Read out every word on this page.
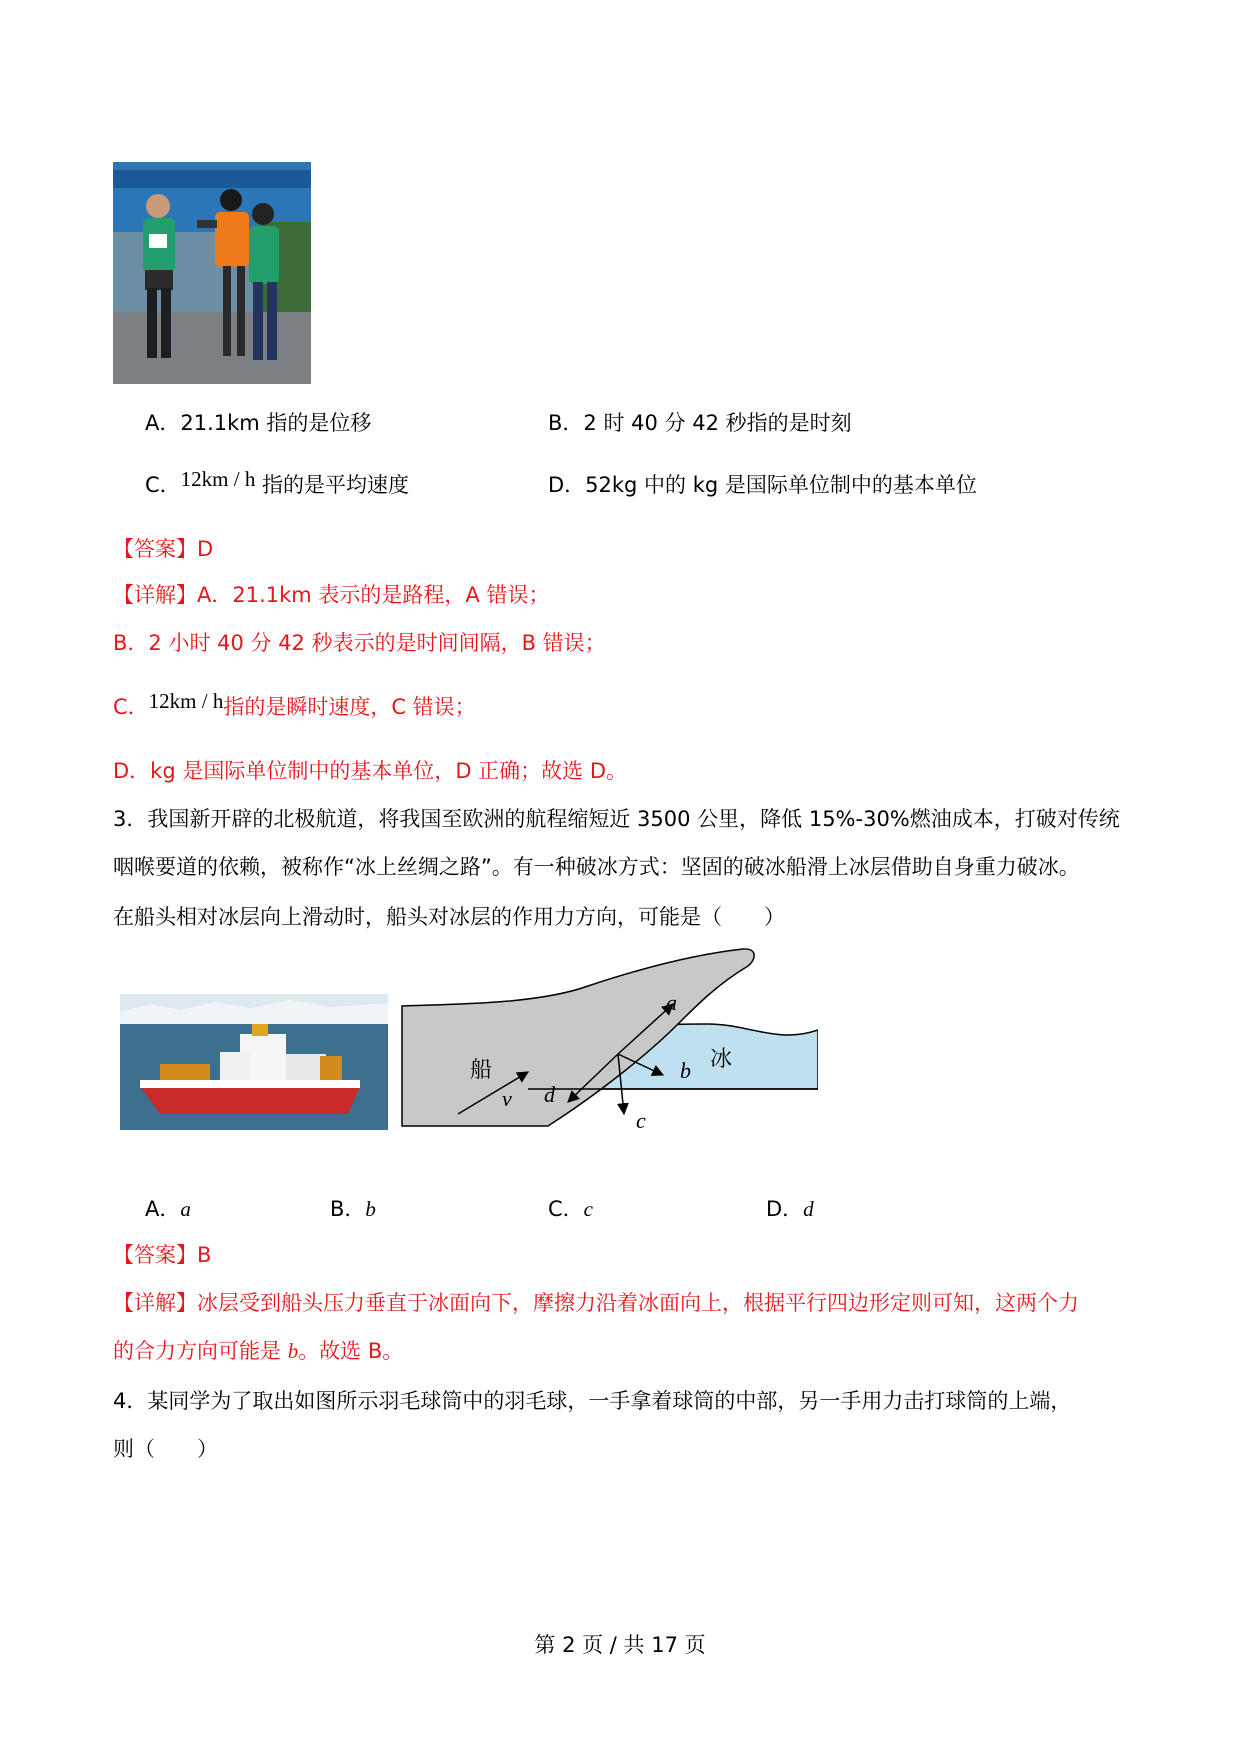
A．21.1km 指的是位移	B．2 时 40 分 42 秒指的是时刻
C．12km / h 指的是平均速度	D．52kg 中的 kg 是国际单位制中的基本单位
【答案】D
【详解】A．21.1km 表示的是路程，A 错误；
B．2 小时 40 分 42 秒表示的是时间间隔，B 错误；
C．12km / h指的是瞬时速度，C 错误；
D．kg 是国际单位制中的基本单位，D 正确；故选 D。
3．我国新开辟的北极航道，将我国至欧洲的航程缩短近 3500 公里，降低 15%-30%燃油成本，打破对传统
咽喉要道的依赖，被称作“冰上丝绸之路”。有一种破冰方式：坚固的破冰船滑上冰层借助自身重力破冰。
在船头相对冰层向上滑动时，船头对冰层的作用力方向，可能是（　　）
船	冰
v
a
b
c
d
A．a	B．b	C．c	D．d
【答案】B
【详解】冰层受到船头压力垂直于冰面向下，摩擦力沿着冰面向上，根据平行四边形定则可知，这两个力
的合力方向可能是 b。故选 B。
4．某同学为了取出如图所示羽毛球筒中的羽毛球，一手拿着球筒的中部，另一手用力击打球筒的上端，
则（　　）
第 2 页 / 共 17 页
